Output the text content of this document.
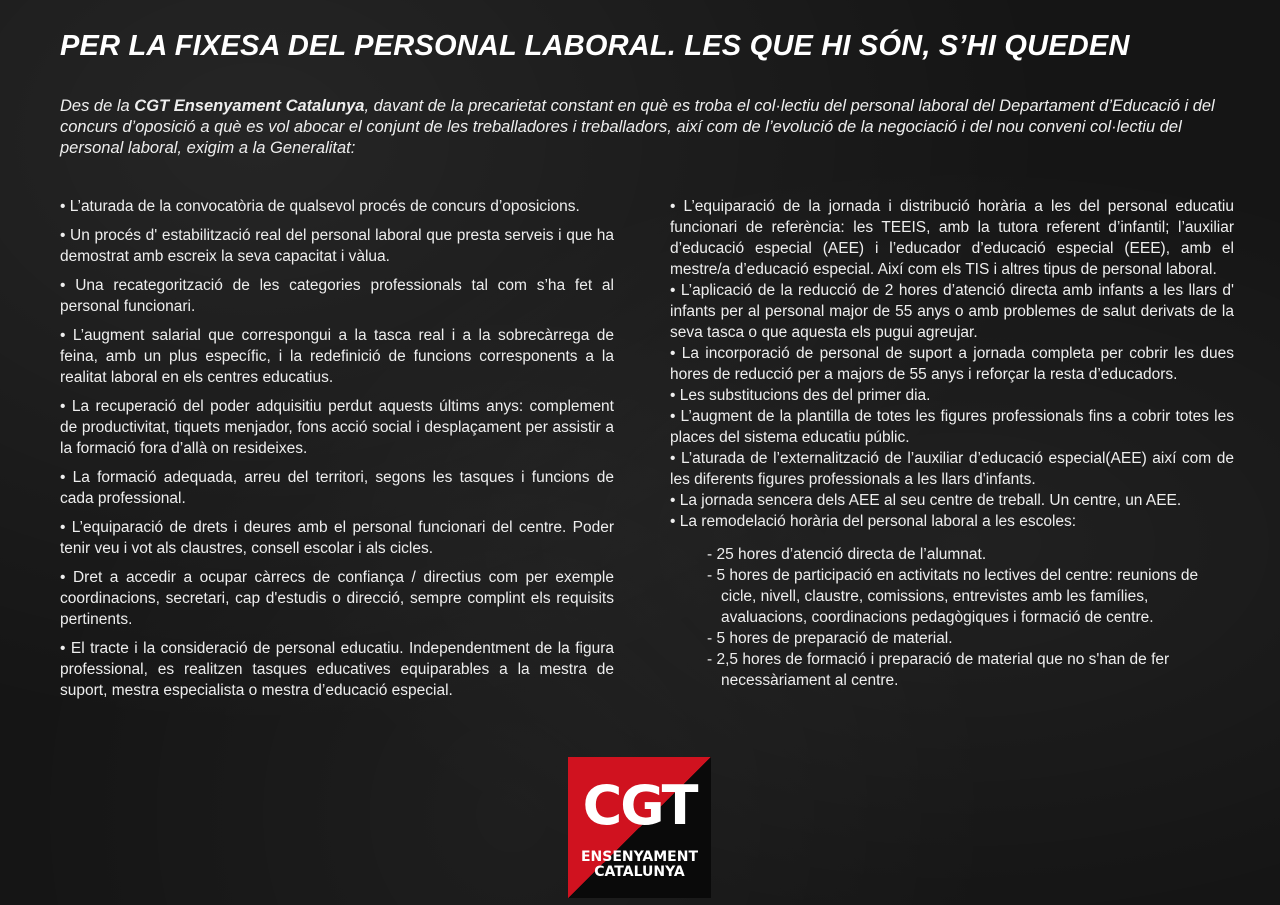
PER LA FIXESA DEL PERSONAL LABORAL. LES QUE HI SÓN, S’HI QUEDEN
Des de la CGT Ensenyament Catalunya, davant de la precarietat constant en què es troba el col·lectiu del personal laboral del Departament d’Educació i del concurs d’oposició a què es vol abocar el conjunt de les treballadores i treballadors, així com de l’evolució de la negociació i del nou conveni col·lectiu del personal laboral, exigim a la Generalitat:
• L’aturada de la convocatòria de qualsevol procés de concurs d’oposicions.
• Un procés d' estabilització real del personal laboral que presta serveis i que ha demostrat amb escreix la seva capacitat i vàlua.
• Una recategorització de les categories professionals tal com s’ha fet al personal funcionari.
• L’augment salarial que correspongui a la tasca real i a la sobrecàrrega de feina, amb un plus específic, i la redefinició de funcions corresponents a la realitat laboral en els centres educatius.
• La recuperació del poder adquisitiu perdut aquests últims anys: complement de productivitat, tiquets menjador, fons acció social i desplaçament per assistir a la formació fora d’allà on resideixes.
• La formació adequada, arreu del territori, segons les tasques i funcions de cada professional.
• L’equiparació de drets i deures amb el personal funcionari del centre. Poder tenir veu i vot als claustres, consell escolar i als cicles.
• Dret a accedir a ocupar càrrecs de confiança / directius com per exemple coordinacions, secretari, cap d'estudis o direcció, sempre complint els requisits pertinents.
• El tracte i la consideració de personal educatiu. Independentment de la figura professional, es realitzen tasques educatives equiparables a la mestra de suport, mestra especialista o mestra d’educació especial.
• L’equiparació de la jornada i distribució horària a les del personal educatiu funcionari de referència: les TEEIS, amb la tutora referent d’infantil; l’auxiliar d’educació especial (AEE) i l’educador d’educació especial (EEE), amb el mestre/a d’educació especial. Així com els TIS i altres tipus de personal laboral.
• L’aplicació de la reducció de 2 hores d’atenció directa amb infants a les llars d' infants per al personal major de 55 anys o amb problemes de salut derivats de la seva tasca o que aquesta els pugui agreujar.
• La incorporació de personal de suport a jornada completa per cobrir les dues hores de reducció per a majors de 55 anys i reforçar la resta d’educadors.
• Les substitucions des del primer dia.
• L’augment de la plantilla de totes les figures professionals fins a cobrir totes les places del sistema educatiu públic.
• L’aturada de l’externalització de l’auxiliar d’educació especial(AEE) així com de les diferents figures professionals a les llars d'infants.
• La jornada sencera dels AEE al seu centre de treball. Un centre, un AEE.
• La remodelació horària del personal laboral a les escoles:
- 25 hores d’atenció directa de l’alumnat.
- 5 hores de participació en activitats no lectives del centre: reunions de cicle, nivell, claustre, comissions, entrevistes amb les famílies, avaluacions, coordinacions pedagògiques i formació de centre.
- 5 hores de preparació de material.
- 2,5 hores de formació i preparació de material que no s'han de fer necessàriament al centre.
CGT
ENSENYAMENT
CATALUNYA
